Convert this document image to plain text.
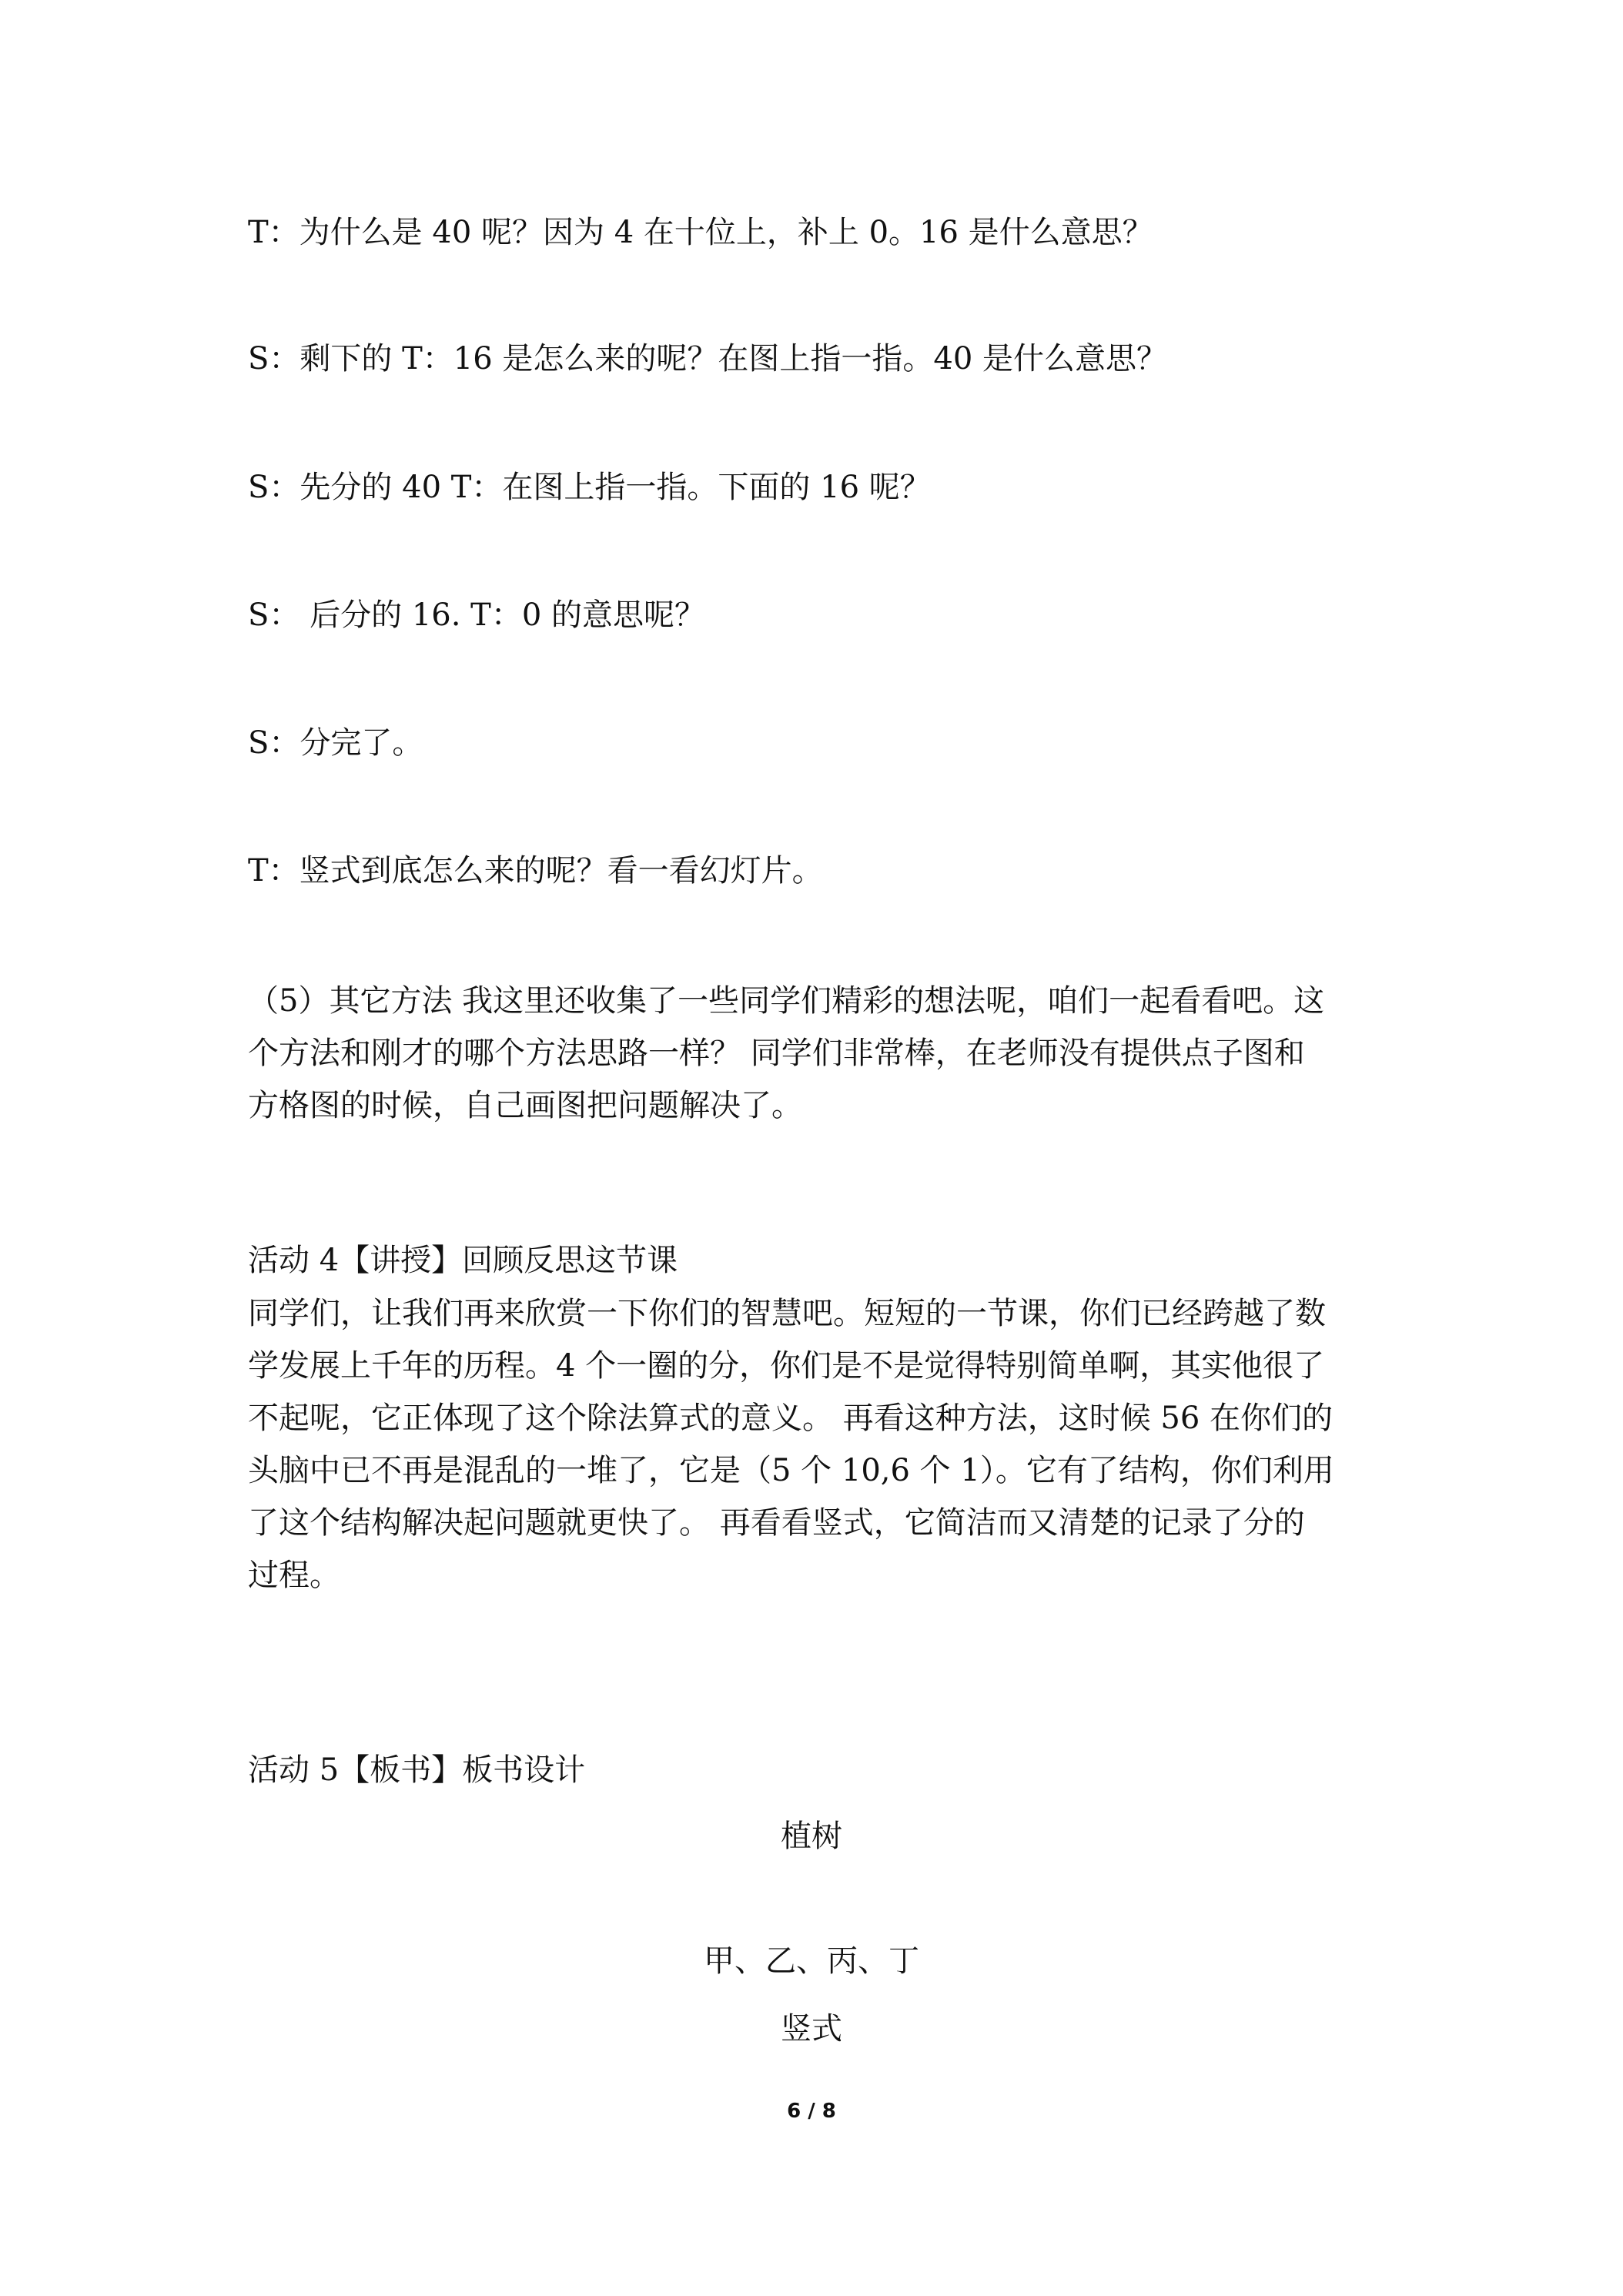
T：为什么是 40 呢？因为 4 在十位上，补上 0。16 是什么意思？
S：剩下的 T：16 是怎么来的呢？在图上指一指。40 是什么意思？
S：先分的 40 T：在图上指一指。下面的 16 呢？
S： 后分的 16. T：0 的意思呢？
S：分完了。
T：竖式到底怎么来的呢？看一看幻灯片。
（5）其它方法 我这里还收集了一些同学们精彩的想法呢，咱们一起看看吧。这
个方法和刚才的哪个方法思路一样？ 同学们非常棒，在老师没有提供点子图和
方格图的时候，自己画图把问题解决了。
活动 4【讲授】回顾反思这节课
同学们，让我们再来欣赏一下你们的智慧吧。短短的一节课，你们已经跨越了数
学发展上千年的历程。4 个一圈的分，你们是不是觉得特别简单啊，其实他很了
不起呢，它正体现了这个除法算式的意义。 再看这种方法，这时候 56 在你们的
头脑中已不再是混乱的一堆了，它是（5 个 10,6 个 1）。它有了结构，你们利用
了这个结构解决起问题就更快了。 再看看竖式，它简洁而又清楚的记录了分的
过程。
活动 5【板书】板书设计
植树
甲、乙、丙、丁
竖式
6 / 8
